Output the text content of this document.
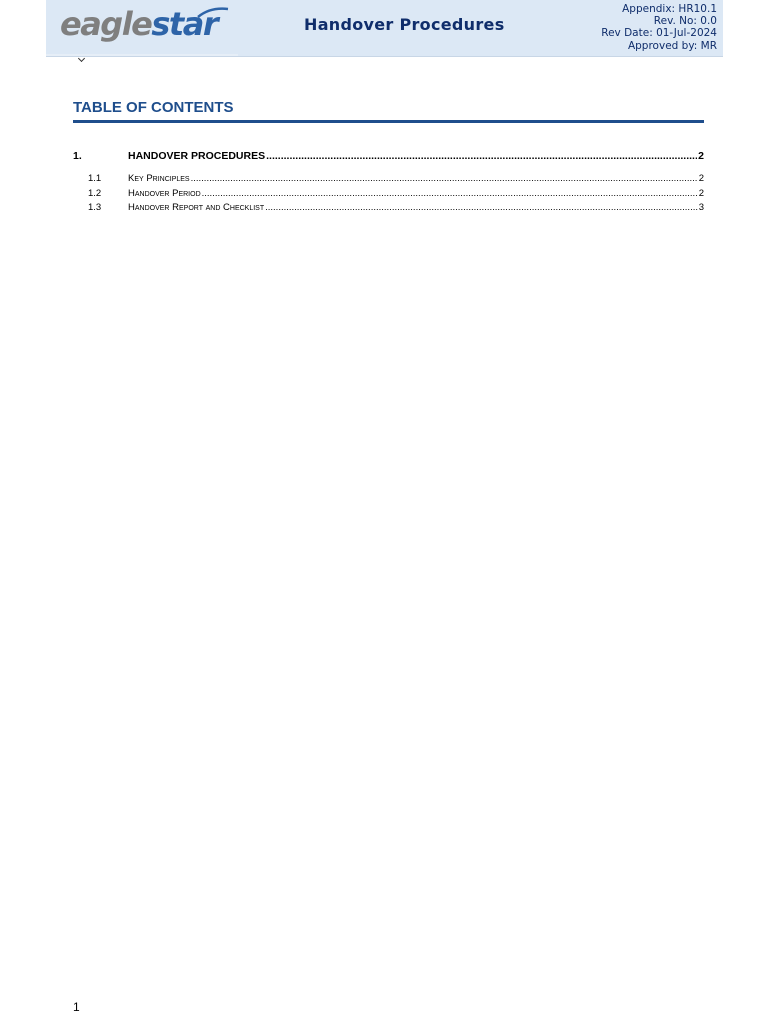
eaglestar	Handover Procedures
Appendix: HR10.1
Rev. No: 0.0
Rev Date: 01-Jul-2024
Approved by: MR
TABLE OF CONTENTS
1.	HANDOVER PROCEDURES .....	2
1.1	Key Principles .....	2
1.2	Handover Period .....	2
1.3	Handover Report and Checklist .....	3
1
